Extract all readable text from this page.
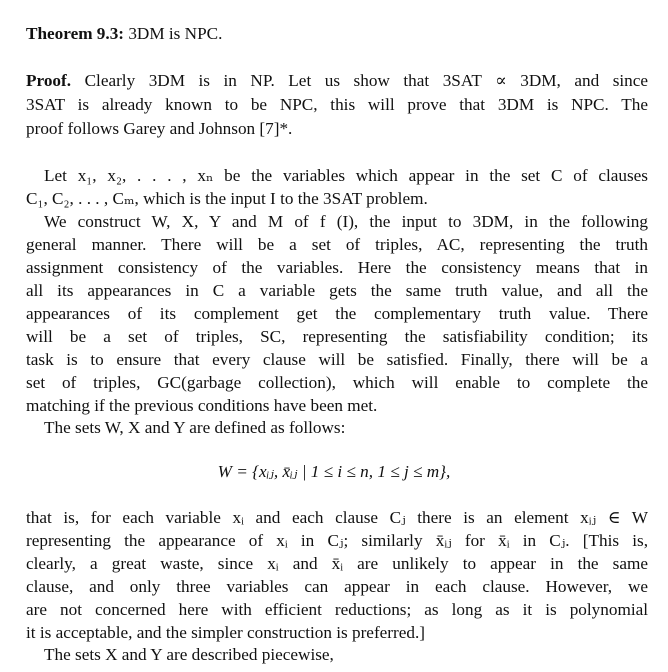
Theorem 9.3: 3DM is NPC.
Proof. Clearly 3DM is in NP. Let us show that 3SAT ∝ 3DM, and since
3SAT is already known to be NPC, this will prove that 3DM is NPC. The
proof follows Garey and Johnson [7]*.
Let x₁, x₂, . . . , xₙ be the variables which appear in the set C of clauses
C₁, C₂, . . . , Cₘ, which is the input I to the 3SAT problem.
We construct W, X, Y and M of f (I), the input to 3DM, in the following
general manner. There will be a set of triples, AC, representing the truth
assignment consistency of the variables. Here the consistency means that in
all its appearances in C a variable gets the same truth value, and all the
appearances of its complement get the complementary truth value. There
will be a set of triples, SC, representing the satisfiability condition; its
task is to ensure that every clause will be satisfied. Finally, there will be a
set of triples, GC(garbage collection), which will enable to complete the
matching if the previous conditions have been met.
The sets W, X and Y are defined as follows:
W = {xᵢⱼ, x̄ᵢⱼ | 1 ≤ i ≤ n, 1 ≤ j ≤ m},
that is, for each variable xᵢ and each clause Cⱼ there is an element xᵢⱼ ∈ W
representing the appearance of xᵢ in Cⱼ; similarly x̄ᵢⱼ for x̄ᵢ in Cⱼ. [This is,
clearly, a great waste, since xᵢ and x̄ᵢ are unlikely to appear in the same
clause, and only three variables can appear in each clause. However, we
are not concerned here with efficient reductions; as long as it is polynomial
it is acceptable, and the simpler construction is preferred.]
The sets X and Y are described piecewise,
